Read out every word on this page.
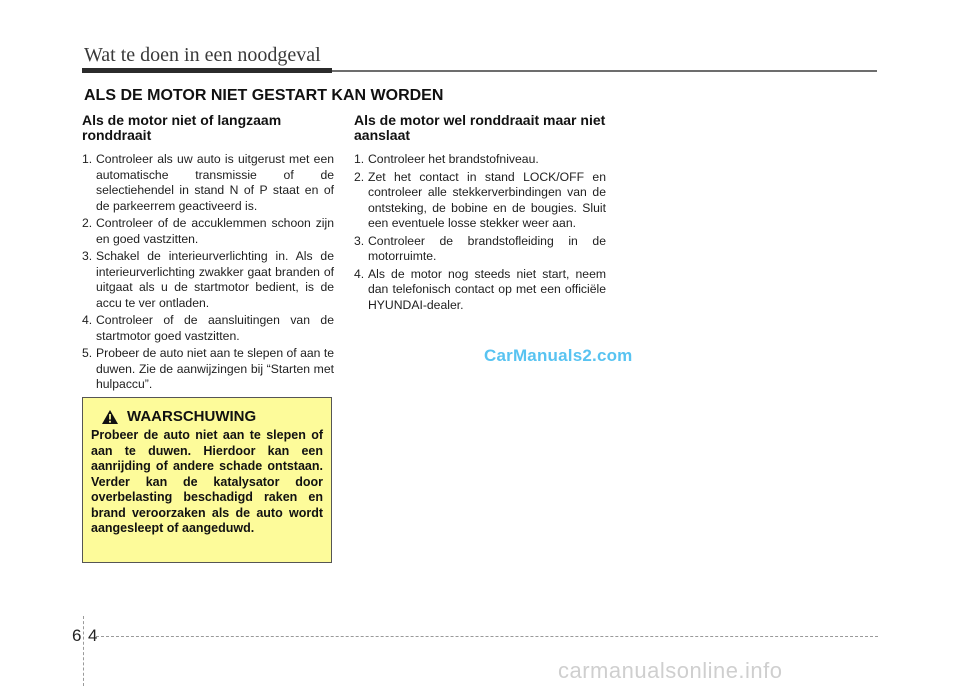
Wat te doen in een noodgeval
ALS DE MOTOR NIET GESTART KAN WORDEN
Als de motor niet of langzaam ronddraait
1. Controleer als uw auto is uitgerust met een automatische transmissie of de selectiehendel in stand N of P staat en of de parkeerrem geactiveerd is.
2. Controleer of de accuklemmen schoon zijn en goed vastzitten.
3. Schakel de interieurverlichting in. Als de interieurverlichting zwakker gaat branden of uitgaat als u de startmotor bedient, is de accu te ver ontladen.
4. Controleer of de aansluitingen van de startmotor goed vastzitten.
5. Probeer de auto niet aan te slepen of aan te duwen. Zie de aanwijzingen bij “Starten met hulpaccu”.
Als de motor wel ronddraait maar niet aanslaat
1. Controleer het brandstofniveau.
2. Zet het contact in stand LOCK/OFF en controleer alle stekkerverbindingen van de ontsteking, de bobine en de bougies. Sluit een eventuele losse stekker weer aan.
3. Controleer de brandstofleiding in de motorruimte.
4. Als de motor nog steeds niet start, neem dan telefonisch contact op met een officiële HYUNDAI-dealer.
WAARSCHUWING
Probeer de auto niet aan te slepen of aan te duwen. Hierdoor kan een aanrijding of andere schade ontstaan. Verder kan de katalysator door overbelasting beschadigd raken en brand veroorzaken als de auto wordt aangesleept of aangeduwd.
CarManuals2.com
6 4
carmanualsonline.info
